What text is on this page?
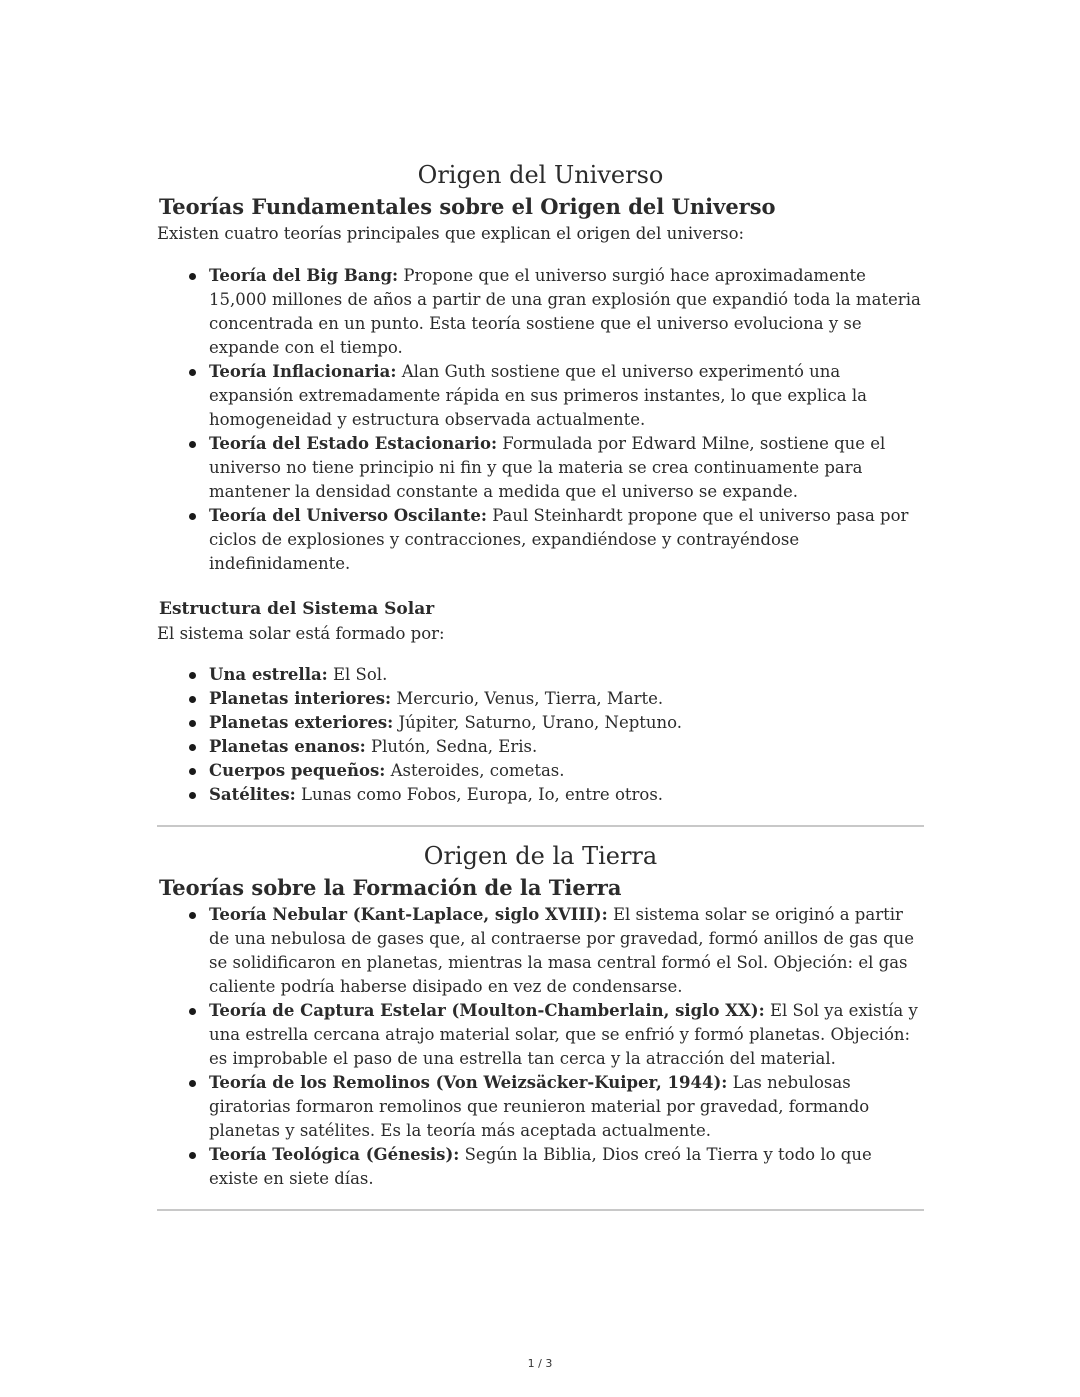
Origen del Universo
Teorías Fundamentales sobre el Origen del Universo

Existen cuatro teorías principales que explican el origen del universo:

Teoría del Big Bang: Propone que el universo surgió hace aproximadamente 15,000 millones de años a partir de una gran explosión que expandió toda la materia concentrada en un punto. Esta teoría sostiene que el universo evoluciona y se expande con el tiempo.
Teoría Inflacionaria: Alan Guth sostiene que el universo experimentó una expansión extremadamente rápida en sus primeros instantes, lo que explica la homogeneidad y estructura observada actualmente.
Teoría del Estado Estacionario: Formulada por Edward Milne, sostiene que el universo no tiene principio ni fin y que la materia se crea continuamente para mantener la densidad constante a medida que el universo se expande.
Teoría del Universo Oscilante: Paul Steinhardt propone que el universo pasa por ciclos de explosiones y contracciones, expandiéndose y contrayéndose indefinidamente.
Estructura del Sistema Solar

El sistema solar está formado por:

Una estrella: El Sol.
Planetas interiores: Mercurio, Venus, Tierra, Marte.
Planetas exteriores: Júpiter, Saturno, Urano, Neptuno.
Planetas enanos: Plutón, Sedna, Eris.
Cuerpos pequeños: Asteroides, cometas.
Satélites: Lunas como Fobos, Europa, Io, entre otros.
Origen de la Tierra
Teorías sobre la Formación de la Tierra
Teoría Nebular (Kant-Laplace, siglo XVIII): El sistema solar se originó a partir de una nebulosa de gases que, al contraerse por gravedad, formó anillos de gas que se solidificaron en planetas, mientras la masa central formó el Sol. Objeción: el gas caliente podría haberse disipado en vez de condensarse.
Teoría de Captura Estelar (Moulton-Chamberlain, siglo XX): El Sol ya existía y una estrella cercana atrajo material solar, que se enfrió y formó planetas. Objeción: es improbable el paso de una estrella tan cerca y la atracción del material.
Teoría de los Remolinos (Von Weizsäcker-Kuiper, 1944): Las nebulosas giratorias formaron remolinos que reunieron material por gravedad, formando planetas y satélites. Es la teoría más aceptada actualmente.
Teoría Teológica (Génesis): Según la Biblia, Dios creó la Tierra y todo lo que existe en siete días.
1 / 3
